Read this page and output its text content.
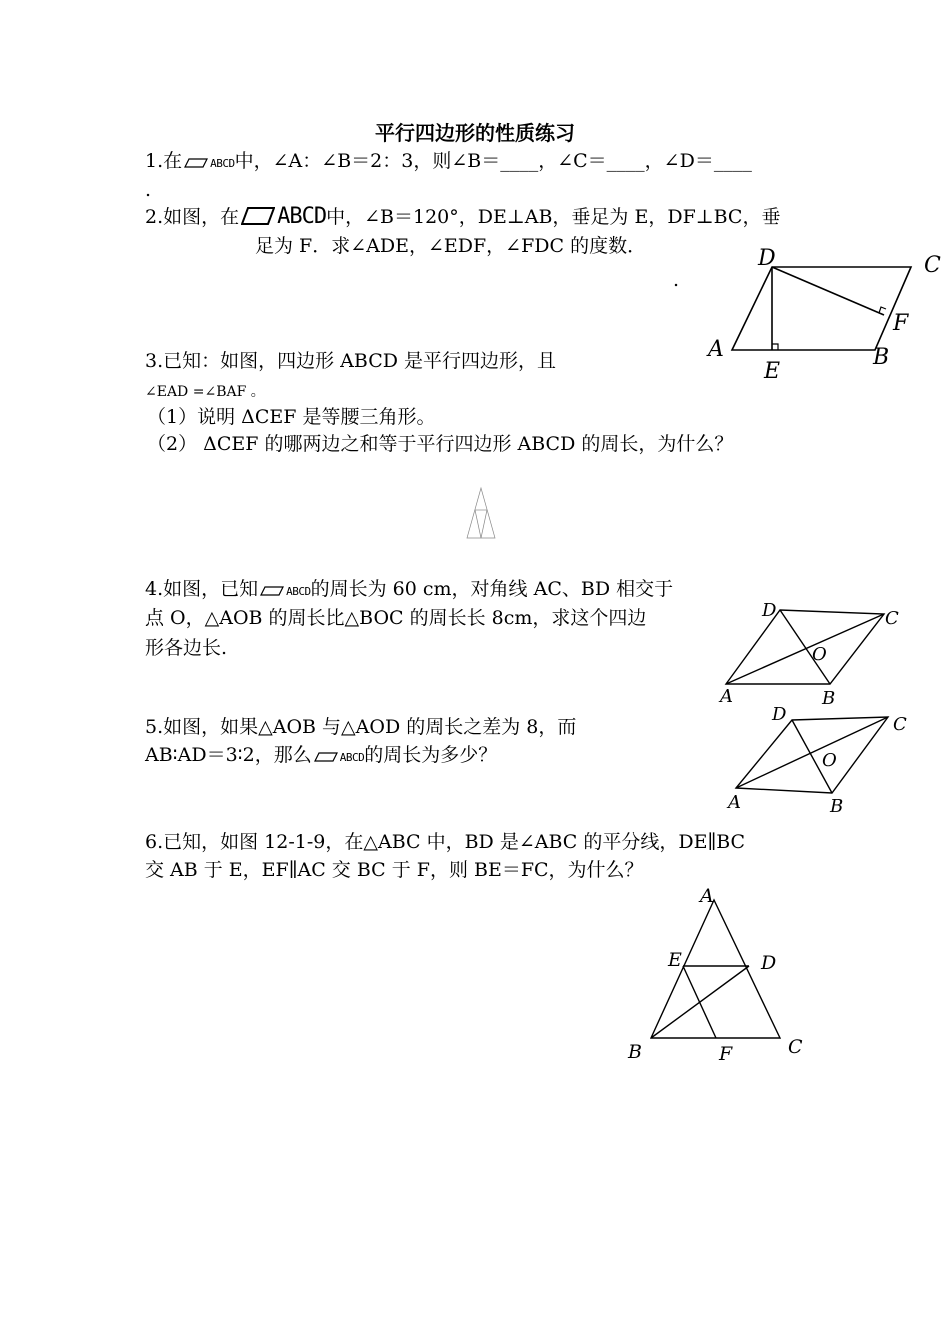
平行四边形的性质练习
1.在	ABCD中，∠A：∠B＝2：3，则∠B＝____，∠C＝____，∠D＝____
.
2.如图，在 ABCD中，∠B＝120°，DE⊥AB，垂足为 E，DF⊥BC，垂
足为 F．求∠ADE，∠EDF，∠FDC 的度数．
.
D	C
A	B
E
F
3.已知：如图，四边形 ABCD 是平行四边形，且
∠EAD =∠BAF 。
（1）说明 ΔCEF 是等腰三角形。
（2） ΔCEF 的哪两边之和等于平行四边形 ABCD 的周长，为什么？
4.如图，已知	ABCD的周长为 60 cm，对角线 AC、BD 相交于
点 O，△AOB 的周长比△BOC 的周长长 8cm，求这个四边
形各边长.
D	C
O
A	B
5.如图，如果△AOB 与△AOD 的周长之差为 8，而
AB∶AD＝3∶2，那么	ABCD的周长为多少？
D	C
O
A	B
6.已知，如图 12-1-9，在△ABC 中，BD 是∠ABC 的平分线，DE∥BC
交 AB 于 E，EF∥AC 交 BC 于 F，则 BE＝FC，为什么？
A
E	D
B	F	C
